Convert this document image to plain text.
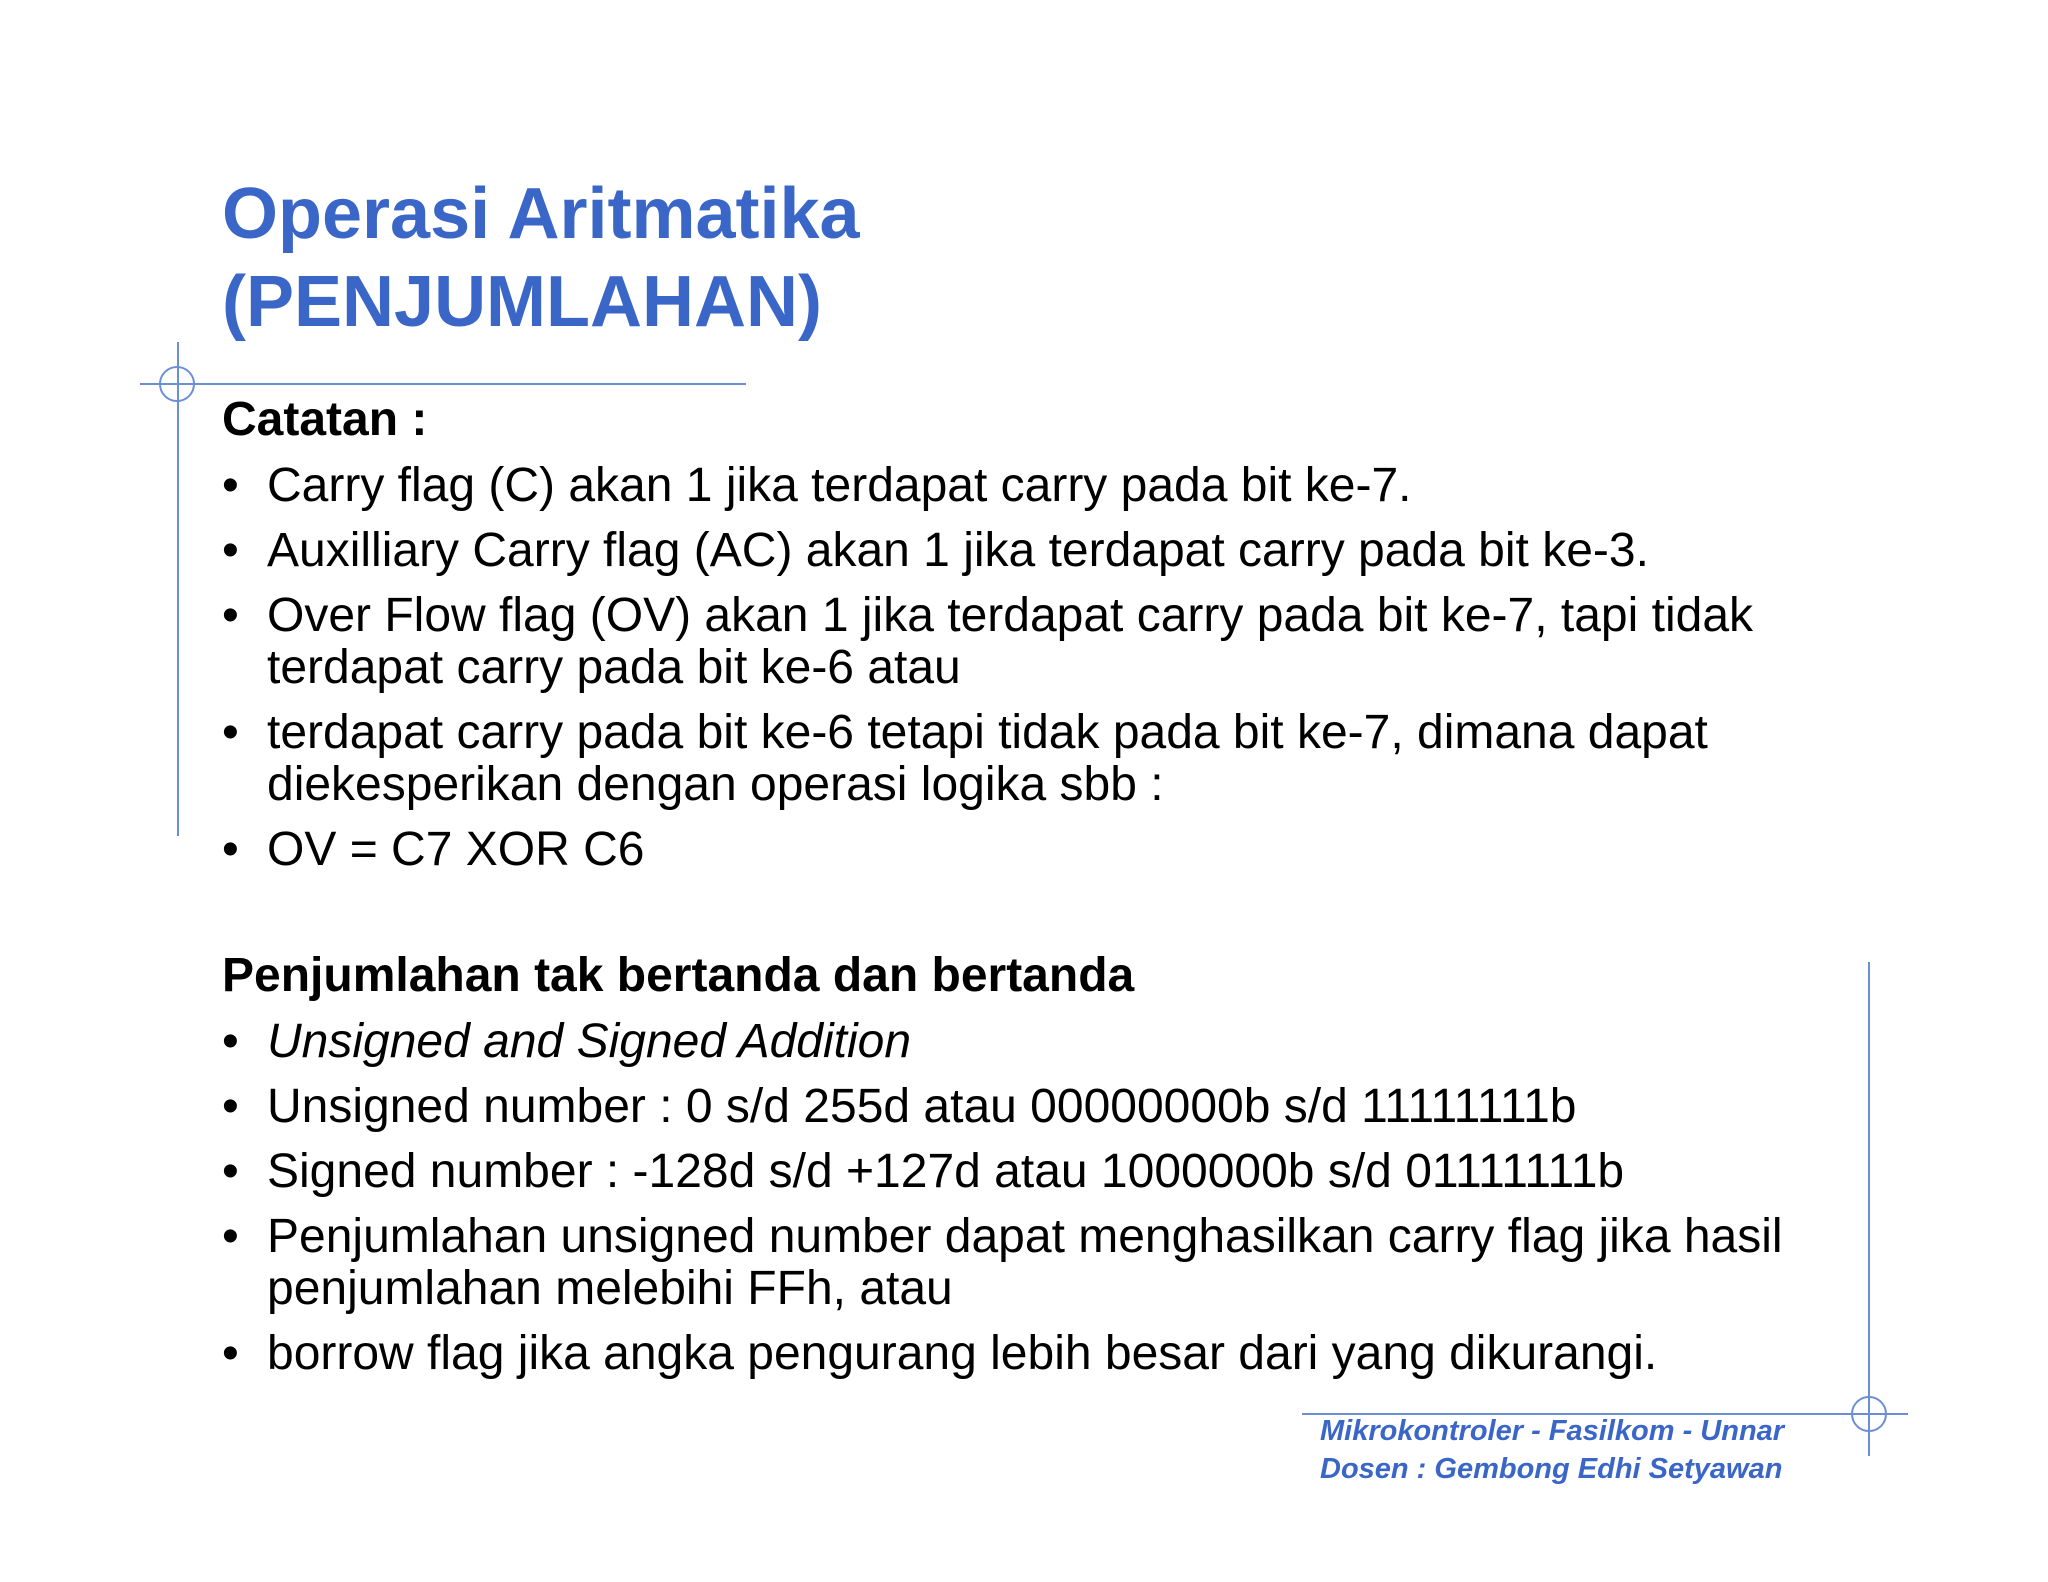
Operasi Aritmatika
(PENJUMLAHAN)
Catatan :
• Carry flag (C) akan 1 jika terdapat carry pada bit ke-7.
• Auxilliary Carry flag (AC) akan 1 jika terdapat carry pada bit ke-3.
• Over Flow flag (OV) akan 1 jika terdapat carry pada bit ke-7, tapi tidak
terdapat carry pada bit ke-6 atau
• terdapat carry pada bit ke-6 tetapi tidak pada bit ke-7, dimana dapat
diekesperikan dengan operasi logika sbb :
• OV = C7 XOR C6
Penjumlahan tak bertanda dan bertanda
• Unsigned and Signed Addition
• Unsigned number : 0 s/d 255d atau 00000000b s/d 11111111b
• Signed number : -128d s/d +127d atau 1000000b s/d 01111111b
• Penjumlahan unsigned number dapat menghasilkan carry flag jika hasil
penjumlahan melebihi FFh, atau
• borrow flag jika angka pengurang lebih besar dari yang dikurangi.
Mikrokontroler - Fasilkom - Unnar
Dosen : Gembong Edhi Setyawan
